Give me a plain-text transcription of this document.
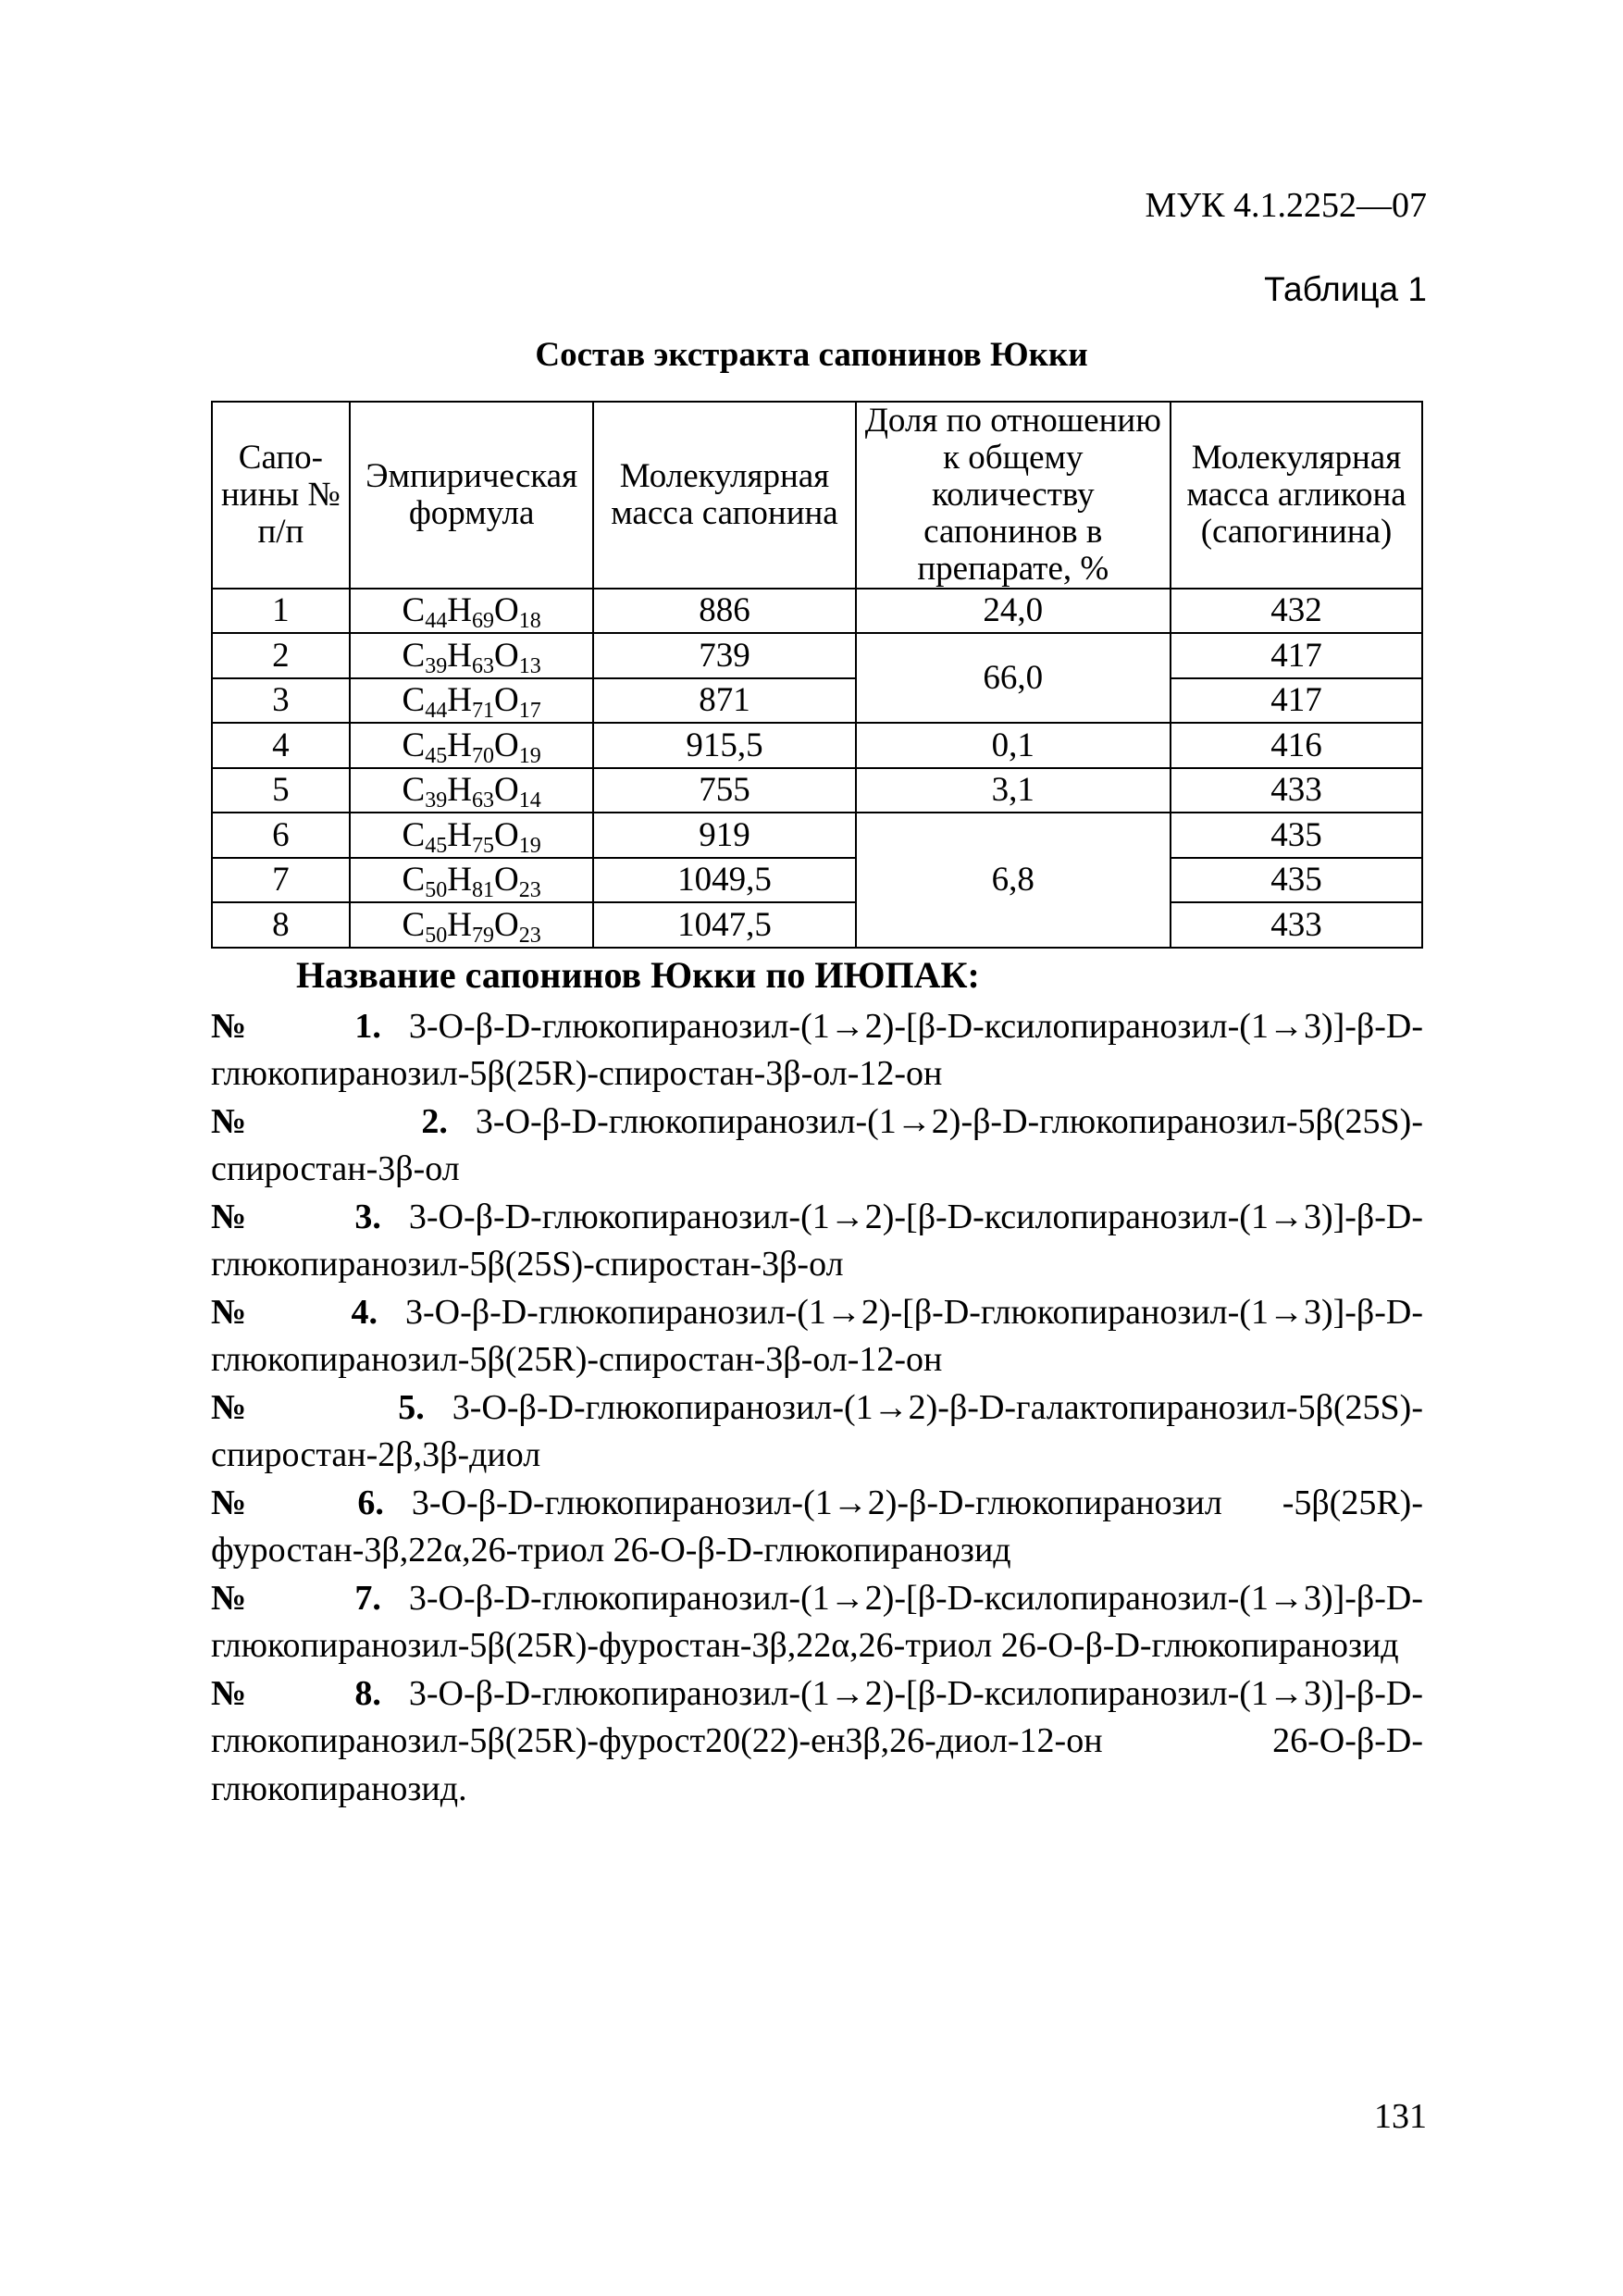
МУК 4.1.2252—07
Таблица 1
Состав экстракта сапонинов Юкки
Сапо-нины № п/п	Эмпирическая формула	Молекулярная масса сапонина	Доля по отношению к общему количеству сапонинов в препарате, %	Молекулярная масса агликона (сапогинина)
1	$C_{44}H_{69}O_{18}$	886	24,0	432
2	$C_{39}H_{63}O_{13}$	739	66,0	417
3	$C_{44}H_{71}O_{17}$	871		417
4	$C_{45}H_{70}O_{19}$	915,5	0,1	416
5	$C_{39}H_{63}O_{14}$	755	3,1	433
6	$C_{45}H_{75}O_{19}$	919	6,8	435
7	$C_{50}H_{81}O_{23}$	1049,5		435
8	$C_{50}H_{79}O_{23}$	1047,5		433
Название сапонинов Юкки по ИЮПАК:

№ 1. 3-O-β-D-глюкопиранозил-(1→2)-[β-D-ксилопиранозил-(1→3)]-β-D-глюкопиранозил-5β(25R)-спиростан-3β-ол-12-он

№ 2. 3-O-β-D-глюкопиранозил-(1→2)-β-D-глюкопиранозил-5β(25S)-спиростан-3β-ол

№ 3. 3-O-β-D-глюкопиранозил-(1→2)-[β-D-ксилопиранозил-(1→3)]-β-D-глюкопиранозил-5β(25S)-спиростан-3β-ол

№ 4. 3-O-β-D-глюкопиранозил-(1→2)-[β-D-глюкопиранозил-(1→3)]-β-D-глюкопиранозил-5β(25R)-спиростан-3β-ол-12-он

№ 5. 3-O-β-D-глюкопиранозил-(1→2)-β-D-галактопиранозил-5β(25S)-спиростан-2β,3β-диол

№ 6. 3-O-β-D-глюкопиранозил-(1→2)-β-D-глюкопиранозил -5β(25R)-фуростан-3β,22α,26-триол 26-O-β-D-глюкопиранозид

№ 7. 3-O-β-D-глюкопиранозил-(1→2)-[β-D-ксилопиранозил-(1→3)]-β-D-глюкопиранозил-5β(25R)-фуростан-3β,22α,26-триол 26-O-β-D-глюкопиранозид

№ 8. 3-O-β-D-глюкопиранозил-(1→2)-[β-D-ксилопиранозил-(1→3)]-β-D-глюкопиранозил-5β(25R)-фурост20(22)-ен3β,26-диол-12-он 26-O-β-D-глюкопиранозид.

131
